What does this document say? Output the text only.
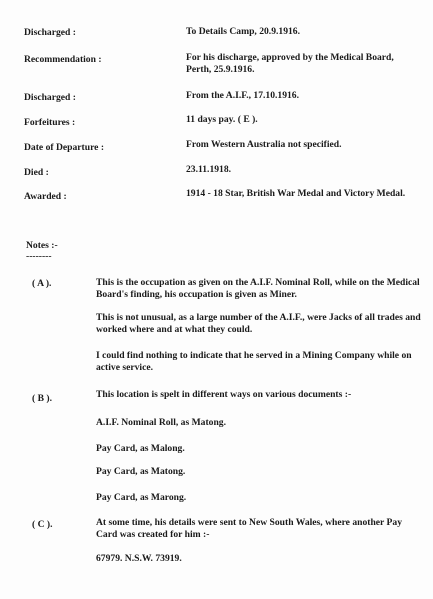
Discharged :	To Details Camp, 20.9.1916.
Recommendation :	For his discharge, approved by the Medical Board, Perth, 25.9.1916.
Discharged :	From the A.I.F., 17.10.1916.
Forfeitures :	11 days pay. ( E ).
Date of Departure :	From Western Australia not specified.
Died :	23.11.1918.
Awarded :	1914 - 18 Star, British War Medal and Victory Medal.
Notes :-
--------
( A ).	This is the occupation as given on the A.I.F. Nominal Roll, while on the Medical Board's finding, his occupation is given as Miner.
This is not unusual, as a large number of the A.I.F., were Jacks of all trades and worked where and at what they could.
I could find nothing to indicate that he served in a Mining Company while on active service.
( B ).	This location is spelt in different ways on various documents :-
A.I.F. Nominal Roll, as Matong.
Pay Card, as Malong.
Pay Card, as Matong.
Pay Card, as Marong.
( C ).	At some time, his details were sent to New South Wales, where another Pay Card was created for him :-
67979. N.S.W. 73919.
